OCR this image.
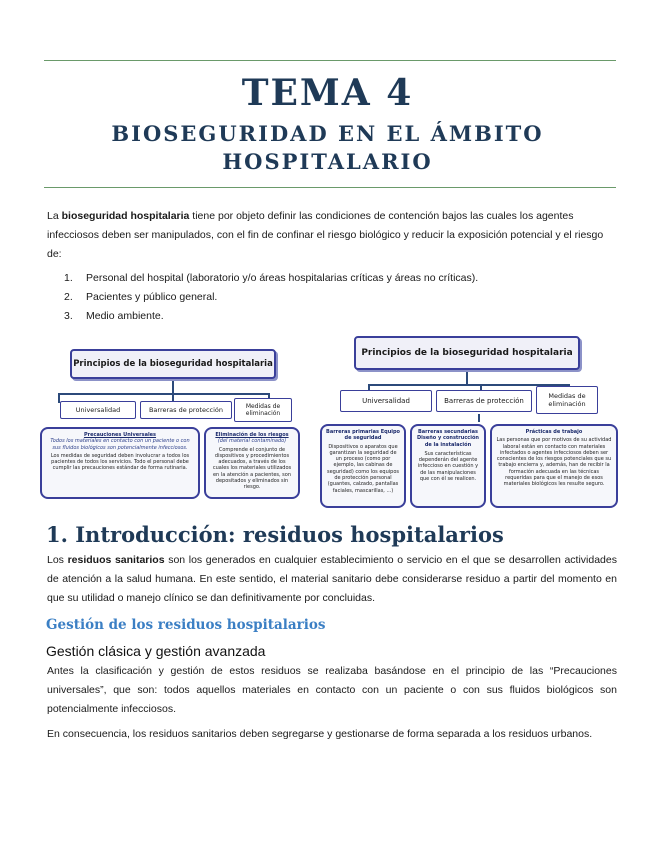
TEMA 4
BIOSEGURIDAD EN EL ÁMBITO
HOSPITALARIO
La bioseguridad hospitalaria tiene por objeto definir las condiciones de contención bajos las cuales los agentes infecciosos deben ser manipulados, con el fin de confinar el riesgo biológico y reducir la exposición potencial y el riesgo de:
1.	Personal del hospital (laboratorio y/o áreas hospitalarias críticas y áreas no críticas).
2.	Pacientes y público general.
3.	Medio ambiente.
Principios de la bioseguridad hospitalaria
Universalidad	Barreras de protección	Medidas de eliminación
Precauciones Universales
Todos los materiales en contacto con un paciente o con sus fluidos biológicos son potencialmente infecciosos.
Los medidas de seguridad deben involucrar a todos los pacientes de todos los servicios. Todo el personal debe cumplir las precauciones estándar de forma rutinaria.
Eliminación de los riesgos
(del material contaminado)
Comprende el conjunto de dispositivos y procedimientos adecuados, a través de los cuales los materiales utilizados en la atención a pacientes, son depositados y eliminados sin riesgo.
Principios de la bioseguridad hospitalaria
Universalidad	Barreras de protección
Medidas de eliminación
Barreras primarias Equipo de seguridad
Dispositivos o aparatos que garantizan la seguridad de un proceso (como por ejemplo, las cabinas de seguridad) como los equipos de protección personal (guantes, calzado, pantallas faciales, mascarillas, ...)
Barreras secundarias Diseño y construcción de la instalación
Sus características dependerán del agente infeccioso en cuestión y de las manipulaciones que con él se realicen.
Prácticas de trabajo
Las personas que por motivos de su actividad laboral están en contacto con materiales infectados o agentes infecciosos deben ser conscientes de los riesgos potenciales que su trabajo encierra y, además, han de recibir la formación adecuada en las técnicas requeridas para que el manejo de esos materiales biológicos les resulte seguro.
1. Introducción: residuos hospitalarios
Los residuos sanitarios son los generados en cualquier establecimiento o servicio en el que se desarrollen actividades de atención a la salud humana. En este sentido, el material sanitario debe considerarse residuo a partir del momento en que su utilidad o manejo clínico se dan definitivamente por concluidas.
Gestión de los residuos hospitalarios
Gestión clásica y gestión avanzada
Antes la clasificación y gestión de estos residuos se realizaba basándose en el principio de las “Precauciones universales”, que son: todos aquellos materiales en contacto con un paciente o con sus fluidos biológicos son potencialmente infecciosos.
En consecuencia, los residuos sanitarios deben segregarse y gestionarse de forma separada a los residuos urbanos.
